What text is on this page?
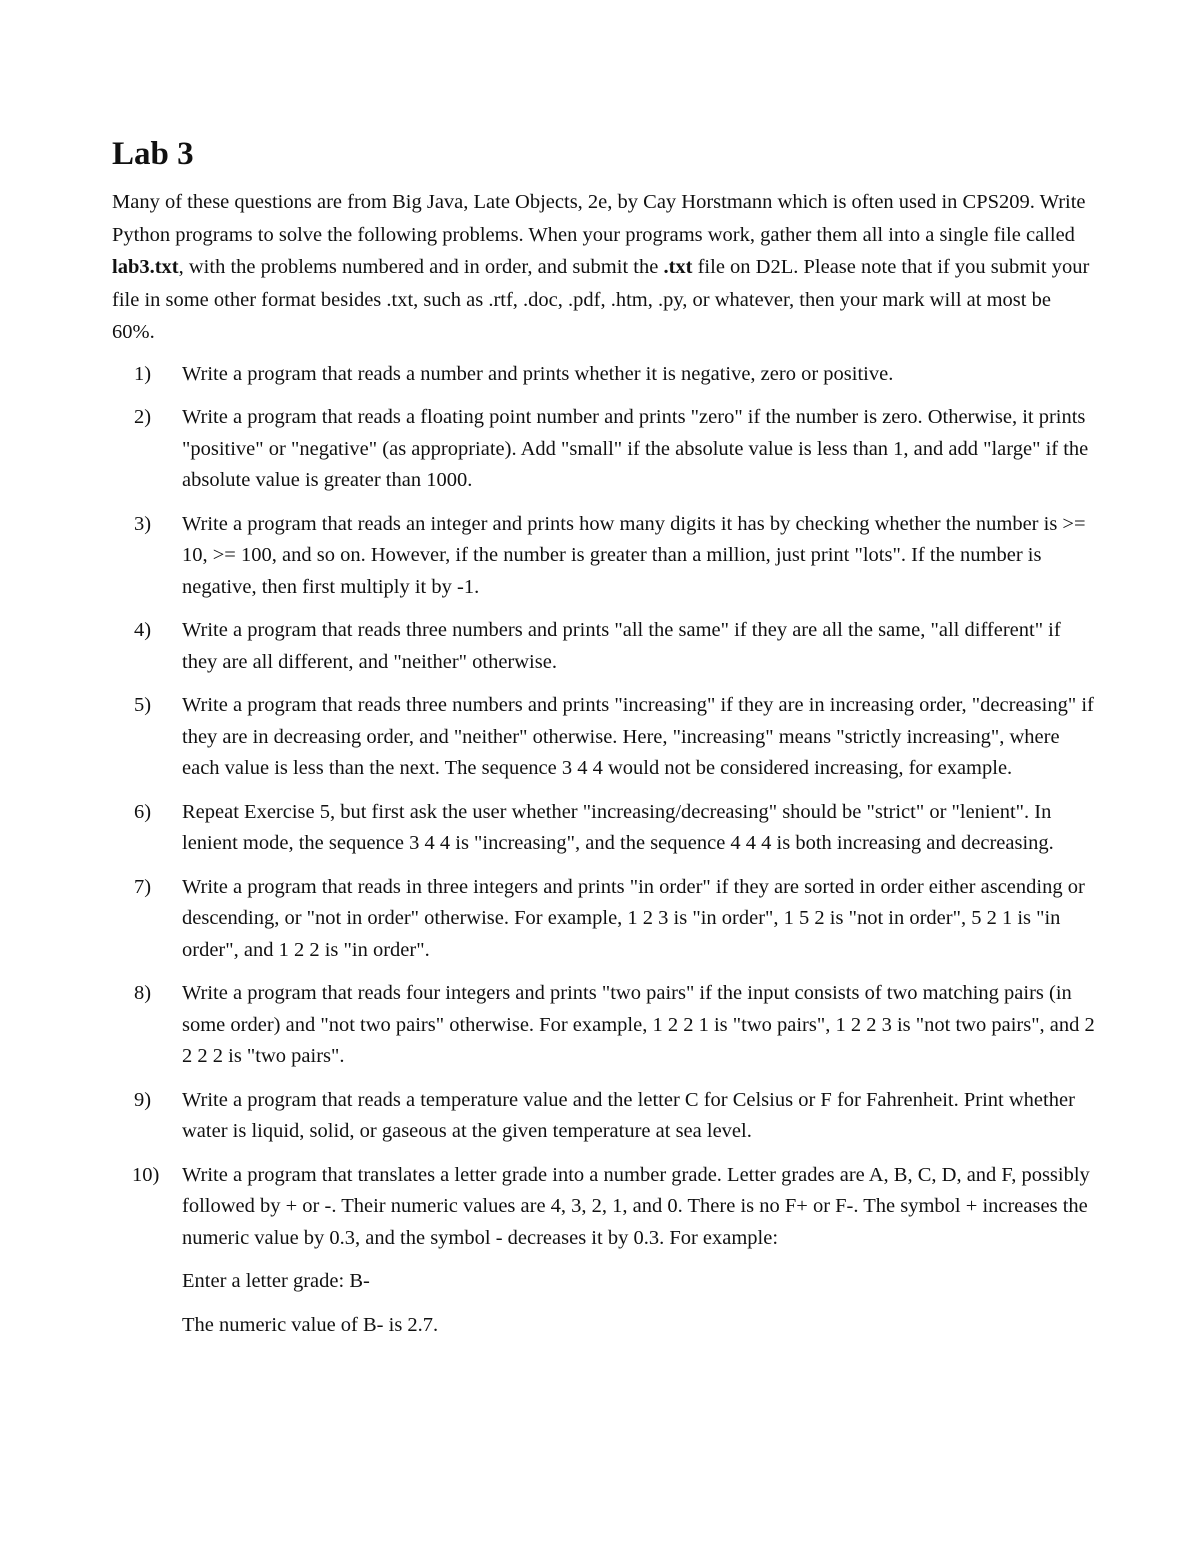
Lab 3

Many of these questions are from Big Java, Late Objects, 2e, by Cay Horstmann which is often used in CPS209. Write Python programs to solve the following problems. When your programs work, gather them all into a single file called lab3.txt, with the problems numbered and in order, and submit the .txt file on D2L. Please note that if you submit your file in some other format besides .txt, such as .rtf, .doc, .pdf, .htm, .py, or whatever, then your mark will at most be 60%.

1)	Write a program that reads a number and prints whether it is negative, zero or positive.
2)	Write a program that reads a floating point number and prints "zero" if the number is zero. Otherwise, it prints "positive" or "negative" (as appropriate). Add "small" if the absolute value is less than 1, and add "large" if the absolute value is greater than 1000.
3)	Write a program that reads an integer and prints how many digits it has by checking whether the number is >= 10, >= 100, and so on. However, if the number is greater than a million, just print "lots". If the number is negative, then first multiply it by -1.
4)	Write a program that reads three numbers and prints "all the same" if they are all the same, "all different" if they are all different, and "neither" otherwise.
5)	Write a program that reads three numbers and prints "increasing" if they are in increasing order, "decreasing" if they are in decreasing order, and "neither" otherwise. Here, "increasing" means "strictly increasing", where each value is less than the next. The sequence 3 4 4 would not be considered increasing, for example.
6)	Repeat Exercise 5, but first ask the user whether "increasing/decreasing" should be "strict" or "lenient". In lenient mode, the sequence 3 4 4 is "increasing", and the sequence 4 4 4 is both increasing and decreasing.
7)	Write a program that reads in three integers and prints "in order" if they are sorted in order either ascending or descending, or "not in order" otherwise. For example, 1 2 3 is "in order", 1 5 2 is "not in order", 5 2 1 is "in order", and 1 2 2 is "in order".
8)	Write a program that reads four integers and prints "two pairs" if the input consists of two matching pairs (in some order) and "not two pairs" otherwise. For example, 1 2 2 1 is "two pairs", 1 2 2 3 is "not two pairs", and 2 2 2 2 is "two pairs".
9)	Write a program that reads a temperature value and the letter C for Celsius or F for Fahrenheit. Print whether water is liquid, solid, or gaseous at the given temperature at sea level.
10)	Write a program that translates a letter grade into a number grade. Letter grades are A, B, C, D, and F, possibly followed by + or -. Their numeric values are 4, 3, 2, 1, and 0. There is no F+ or F-. The symbol + increases the numeric value by 0.3, and the symbol - decreases it by 0.3. For example:

Enter a letter grade: B-

The numeric value of B- is 2.7.
